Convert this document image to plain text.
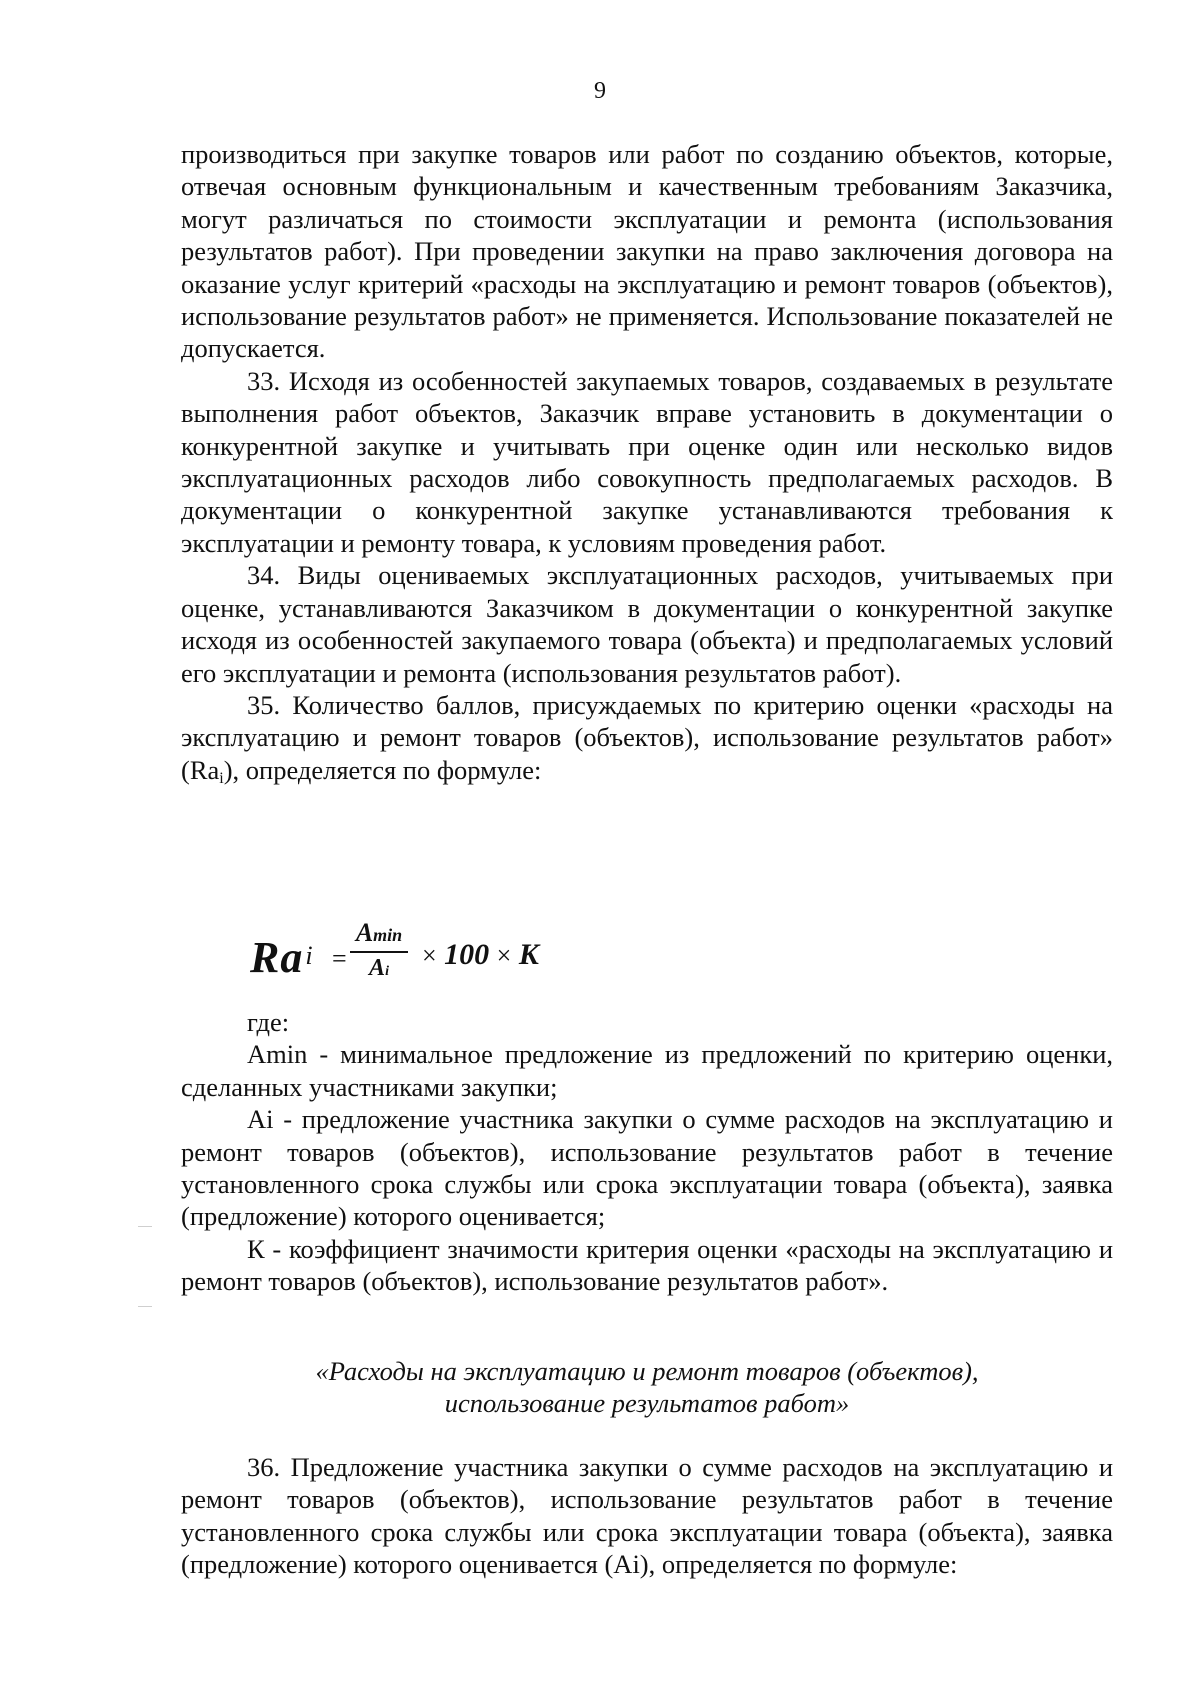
9

производиться при закупке товаров или работ по созданию объектов, которые, отвечая основным функциональным и качественным требованиям Заказчика, могут различаться по стоимости эксплуатации и ремонта (использования результатов работ). При проведении закупки на право заключения договора на оказание услуг критерий «расходы на эксплуатацию и ремонт товаров (объектов), использование результатов работ» не применяется. Использование показателей не допускается.

33. Исходя из особенностей закупаемых товаров, создаваемых в результате выполнения работ объектов, Заказчик вправе установить в документации о конкурентной закупке и учитывать при оценке один или несколько видов эксплуатационных расходов либо совокупность предполагаемых расходов. В документации о конкурентной закупке устанавливаются требования к эксплуатации и ремонту товара, к условиям проведения работ.

34. Виды оцениваемых эксплуатационных расходов, учитываемых при оценке, устанавливаются Заказчиком в документации о конкурентной закупке исходя из особенностей закупаемого товара (объекта) и предполагаемых условий его эксплуатации и ремонта (использования результатов работ).

35. Количество баллов, присуждаемых по критерию оценки «расходы на эксплуатацию и ремонт товаров (объектов), использование результатов работ» $(Ra_i)$, определяется по формуле:

Rai =
Amin
Ai
× 100 × K

где:

Amin - минимальное предложение из предложений по критерию оценки, сделанных участниками закупки;

Ai - предложение участника закупки о сумме расходов на эксплуатацию и ремонт товаров (объектов), использование результатов работ в течение установленного срока службы или срока эксплуатации товара (объекта), заявка (предложение) которого оценивается;

К - коэффициент значимости критерия оценки «расходы на эксплуатацию и ремонт товаров (объектов), использование результатов работ».

«Расходы на эксплуатацию и ремонт товаров (объектов),

использование результатов работ»

36. Предложение участника закупки о сумме расходов на эксплуатацию и ремонт товаров (объектов), использование результатов работ в течение установленного срока службы или срока эксплуатации товара (объекта), заявка (предложение) которого оценивается (Ai), определяется по формуле:
